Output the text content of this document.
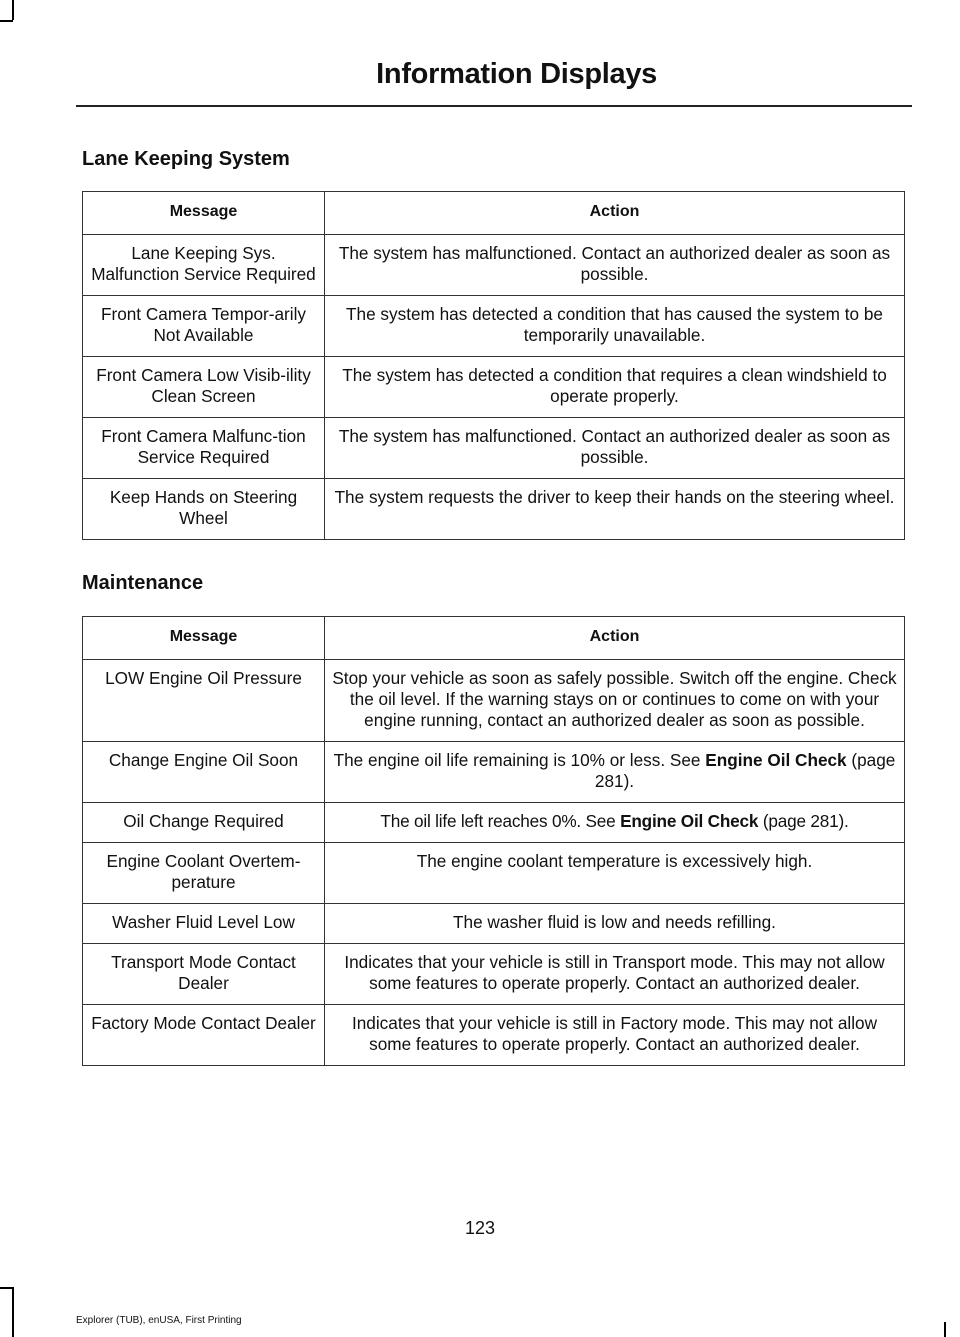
Information Displays
Lane Keeping System
Message	Action
Lane Keeping Sys. Malfunction Service Required	The system has malfunctioned. Contact an authorized dealer as soon as possible.
Front Camera Tempor-arily Not Available	The system has detected a condition that has caused the system to be temporarily unavailable.
Front Camera Low Visib-ility Clean Screen	The system has detected a condition that requires a clean windshield to operate properly.
Front Camera Malfunc-tion Service Required	The system has malfunctioned. Contact an authorized dealer as soon as possible.
Keep Hands on Steering Wheel	The system requests the driver to keep their hands on the steering wheel.
Maintenance
Message	Action
LOW Engine Oil Pressure	Stop your vehicle as soon as safely possible. Switch off the engine. Check the oil level. If the warning stays on or continues to come on with your engine running, contact an authorized dealer as soon as possible.
Change Engine Oil Soon	The engine oil life remaining is 10% or less. See Engine Oil Check (page 281).
Oil Change Required	The oil life left reaches 0%. See Engine Oil Check (page 281).
Engine Coolant Overtem-perature	The engine coolant temperature is excessively high.
Washer Fluid Level Low	The washer fluid is low and needs refilling.
Transport Mode Contact Dealer	Indicates that your vehicle is still in Transport mode. This may not allow some features to operate properly. Contact an authorized dealer.
Factory Mode Contact Dealer	Indicates that your vehicle is still in Factory mode. This may not allow some features to operate properly. Contact an authorized dealer.
123
Explorer (TUB), enUSA, First Printing
